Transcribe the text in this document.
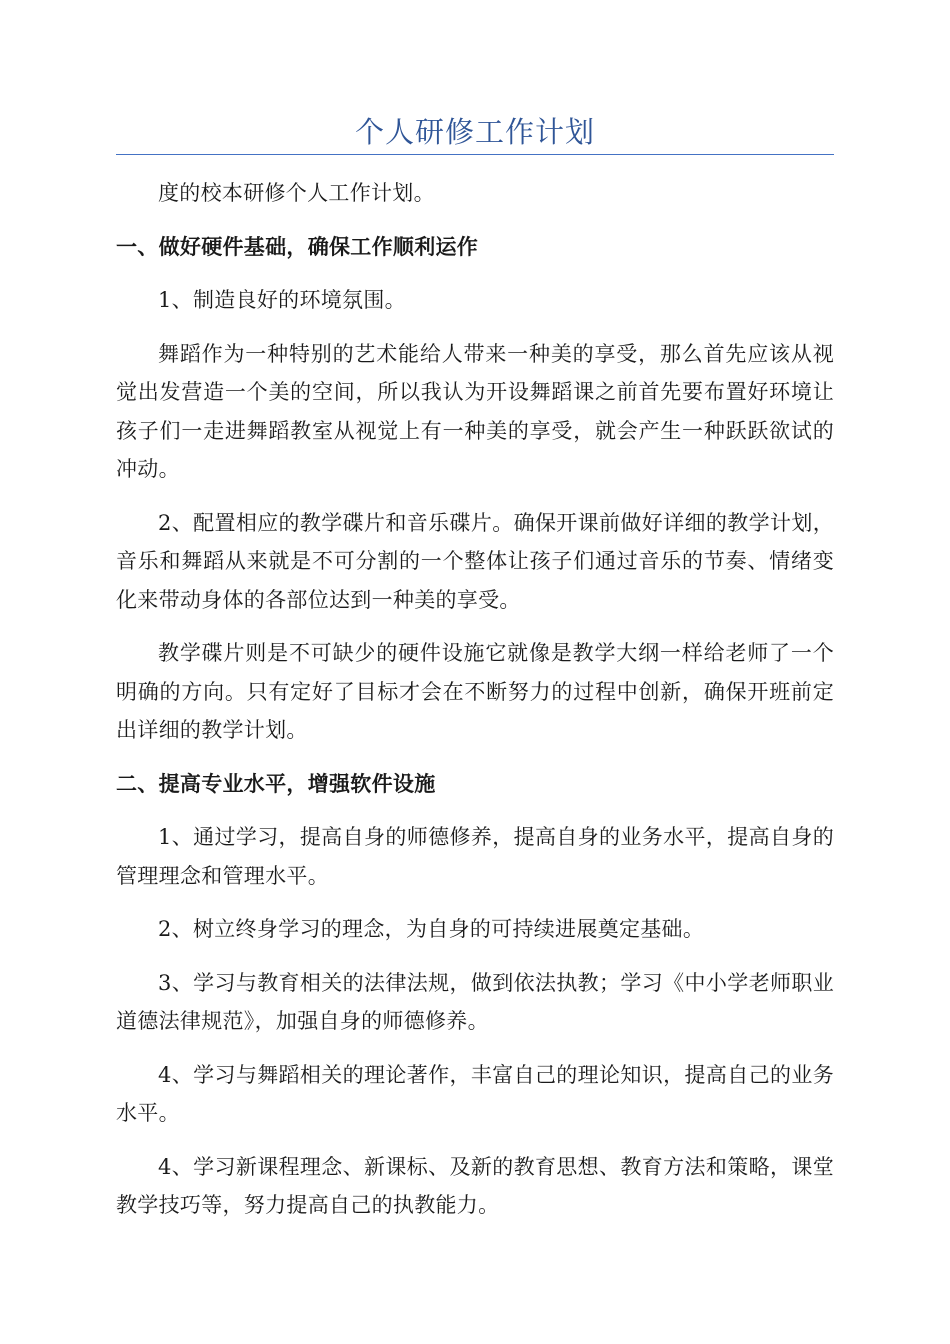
个人研修工作计划

度的校本研修个人工作计划。

一、做好硬件基础，确保工作顺利运作

1、制造良好的环境氛围。

舞蹈作为一种特别的艺术能给人带来一种美的享受，那么首先应该从视觉出发营造一个美的空间，所以我认为开设舞蹈课之前首先要布置好环境让孩子们一走进舞蹈教室从视觉上有一种美的享受，就会产生一种跃跃欲试的冲动。

2、配置相应的教学碟片和音乐碟片。确保开课前做好详细的教学计划，音乐和舞蹈从来就是不可分割的一个整体让孩子们通过音乐的节奏、情绪变化来带动身体的各部位达到一种美的享受。

教学碟片则是不可缺少的硬件设施它就像是教学大纲一样给老师了一个明确的方向。只有定好了目标才会在不断努力的过程中创新，确保开班前定出详细的教学计划。

二、提高专业水平，增强软件设施

1、通过学习，提高自身的师德修养，提高自身的业务水平，提高自身的管理理念和管理水平。

2、树立终身学习的理念，为自身的可持续进展奠定基础。

3、学习与教育相关的法律法规，做到依法执教；学习《中小学老师职业道德法律规范》，加强自身的师德修养。

4、学习与舞蹈相关的理论著作，丰富自己的理论知识，提高自己的业务水平。

4、学习新课程理念、新课标、及新的教育思想、教育方法和策略，课堂教学技巧等，努力提高自己的执教能力。
